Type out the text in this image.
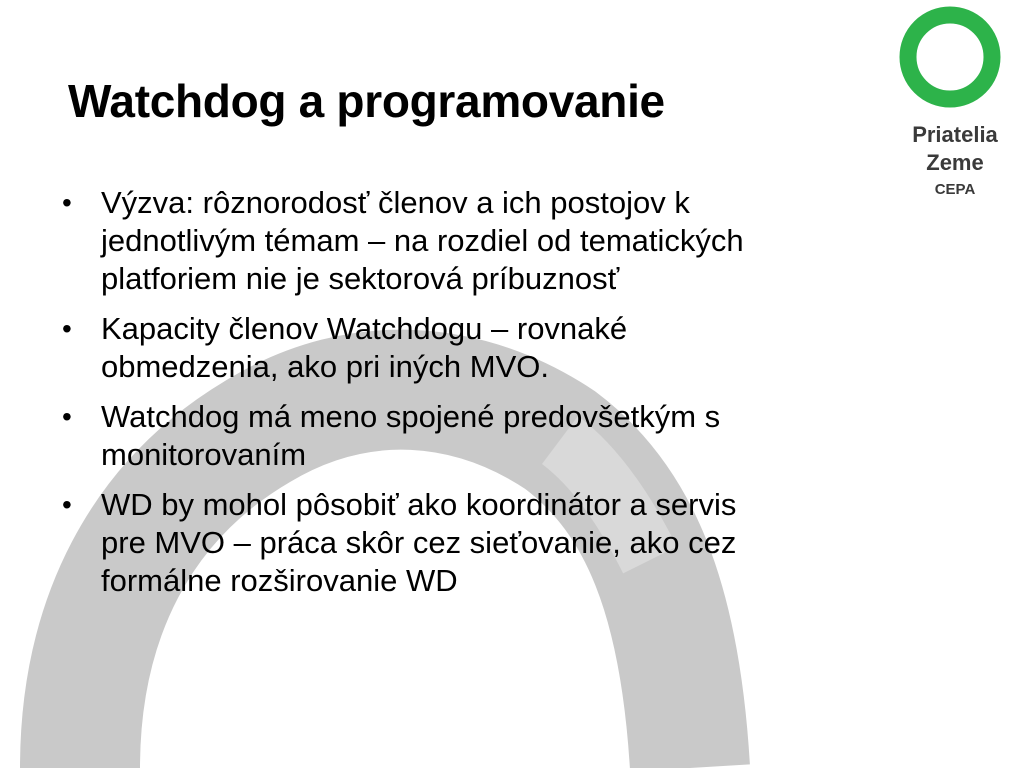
Watchdog a programovanie
• Výzva: rôznorodosť členov a ich postojov k
jednotlivým témam – na rozdiel od tematických
platforiem nie je sektorová príbuznosť
• Kapacity členov Watchdogu – rovnaké
obmedzenia, ako pri iných MVO.
• Watchdog má meno spojené predovšetkým s
monitorovaním
• WD by mohol pôsobiť ako koordinátor a servis
pre MVO – práca skôr cez sieťovanie, ako cez
formálne rozširovanie WD
Priatelia
Zeme
CEPA
